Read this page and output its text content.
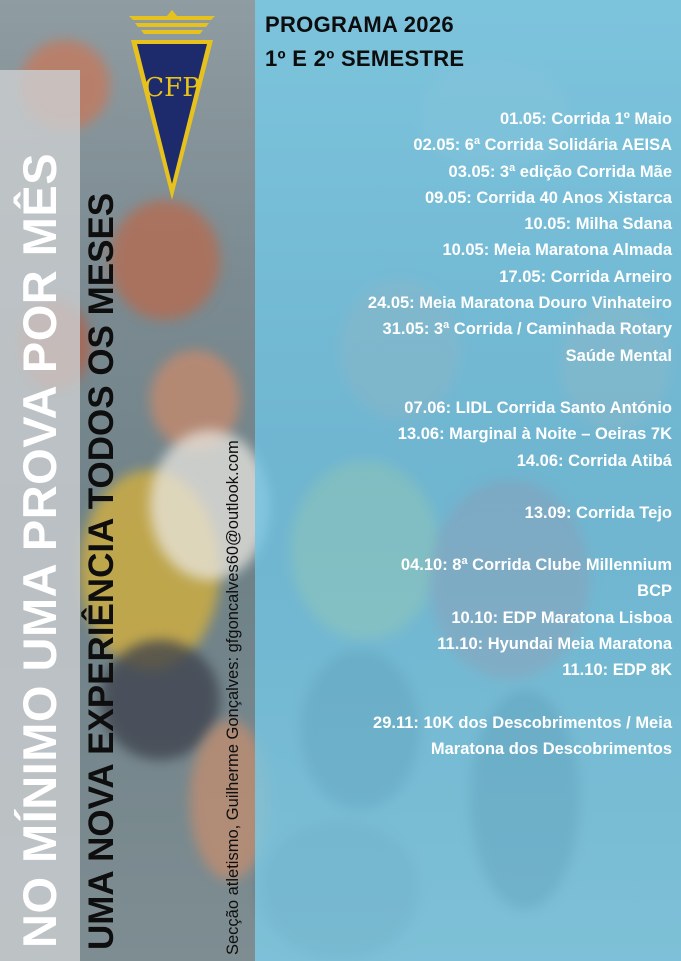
CFP
PROGRAMA 2026
1º E 2º SEMESTRE
01.05: Corrida 1º Maio
02.05: 6ª Corrida Solidária AEISA
03.05: 3ª edição Corrida Mãe
09.05: Corrida 40 Anos Xistarca
10.05: Milha Sdana
10.05: Meia Maratona Almada
17.05: Corrida Arneiro
24.05: Meia Maratona Douro Vinhateiro
31.05: 3ª Corrida / Caminhada Rotary
Saúde Mental
07.06: LIDL Corrida Santo António
13.06: Marginal à Noite – Oeiras 7K
14.06: Corrida Atibá
13.09: Corrida Tejo
04.10: 8ª Corrida Clube Millennium
BCP
10.10: EDP Maratona Lisboa
11.10: Hyundai Meia Maratona
11.10: EDP 8K
29.11: 10K dos Descobrimentos / Meia
Maratona dos Descobrimentos
NO MÍNIMO UMA PROVA POR MÊS UMA NOVA EXPERIÊNCIA TODOS OS MESES	Secção atletismo, Guilherme Gonçalves: gfgoncalves60@outlook.com
